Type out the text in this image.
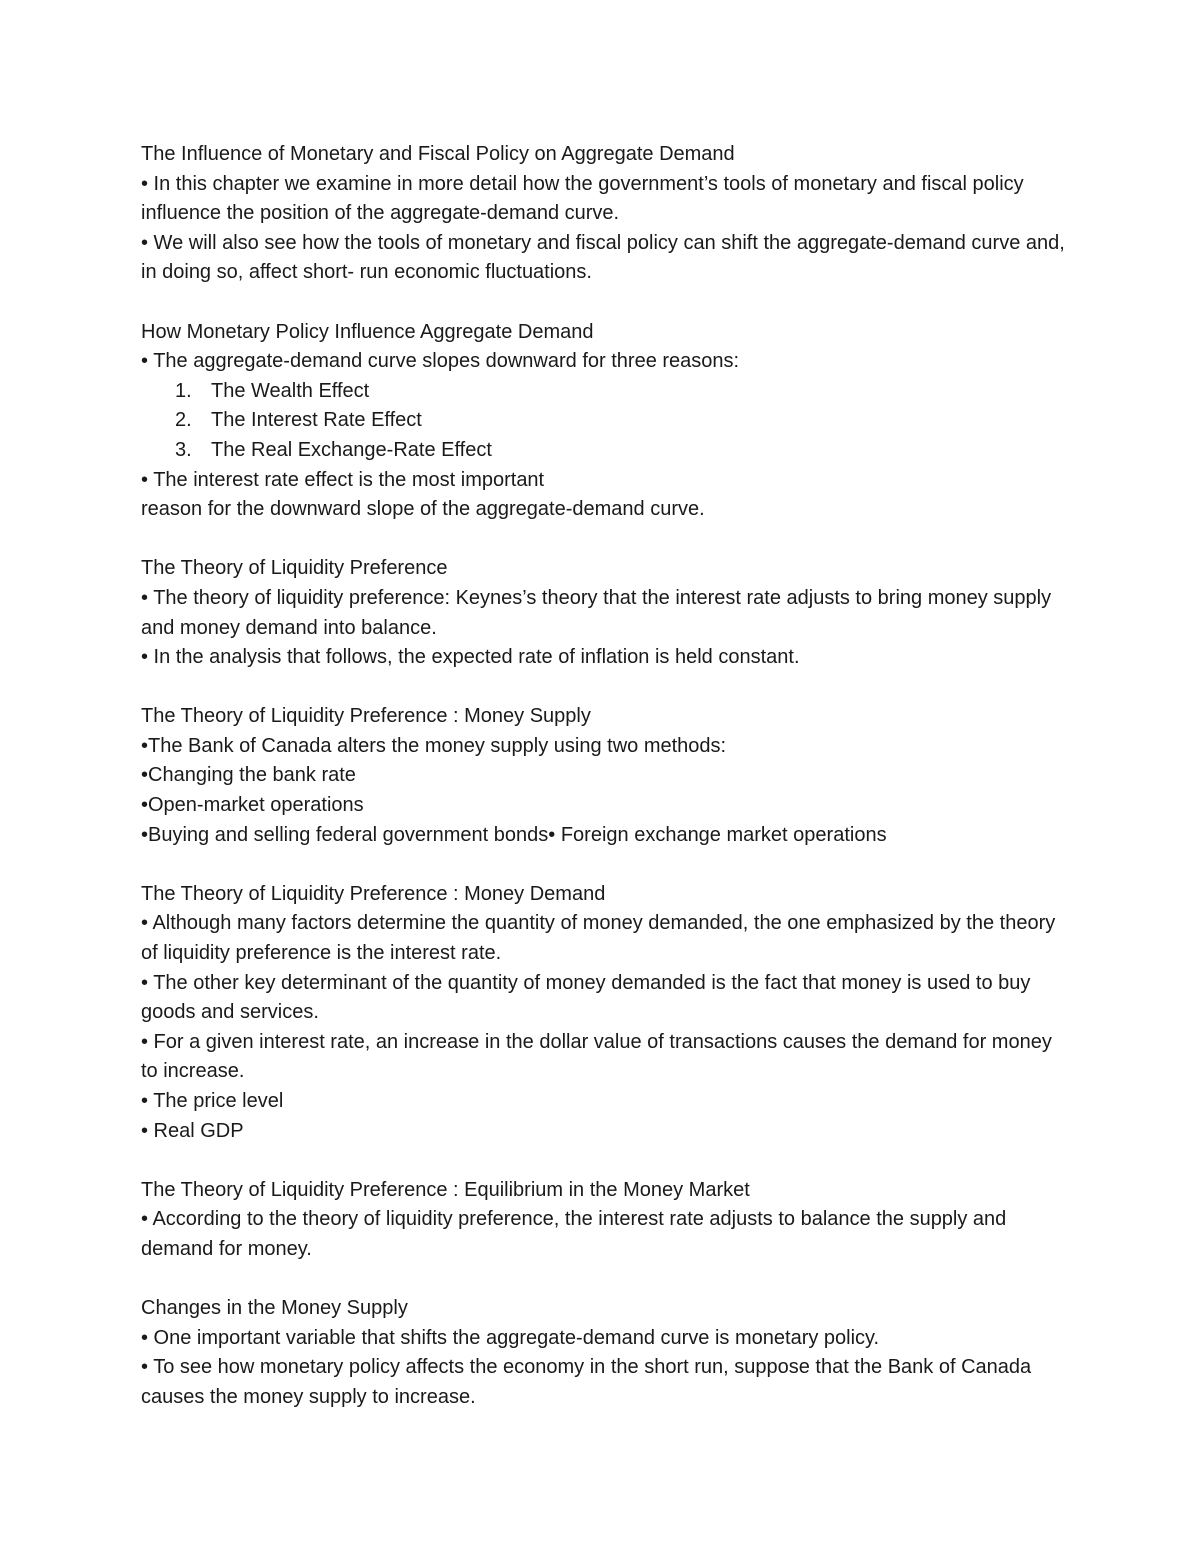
The Influence of Monetary and Fiscal Policy on Aggregate Demand

• In this chapter we examine in more detail how the government’s tools of monetary and fiscal policy influence the position of the aggregate-demand curve.

• We will also see how the tools of monetary and fiscal policy can shift the aggregate-demand curve and, in doing so, affect short- run economic fluctuations.

How Monetary Policy Influence Aggregate Demand

• The aggregate-demand curve slopes downward for three reasons:

1. The Wealth Effect
2. The Interest Rate Effect
3. The Real Exchange-Rate Effect

• The interest rate effect is the most important

reason for the downward slope of the aggregate-demand curve.

The Theory of Liquidity Preference

• The theory of liquidity preference: Keynes’s theory that the interest rate adjusts to bring money supply and money demand into balance.

• In the analysis that follows, the expected rate of inflation is held constant.

The Theory of Liquidity Preference : Money Supply

•The Bank of Canada alters the money supply using two methods:

•Changing the bank rate

•Open-market operations

•Buying and selling federal government bonds• Foreign exchange market operations

The Theory of Liquidity Preference : Money Demand

• Although many factors determine the quantity of money demanded, the one emphasized by the theory of liquidity preference is the interest rate.

• The other key determinant of the quantity of money demanded is the fact that money is used to buy goods and services.

• For a given interest rate, an increase in the dollar value of transactions causes the demand for money to increase.

• The price level

• Real GDP

The Theory of Liquidity Preference : Equilibrium in the Money Market

• According to the theory of liquidity preference, the interest rate adjusts to balance the supply and demand for money.

Changes in the Money Supply

• One important variable that shifts the aggregate-demand curve is monetary policy.

• To see how monetary policy affects the economy in the short run, suppose that the Bank of Canada causes the money supply to increase.
